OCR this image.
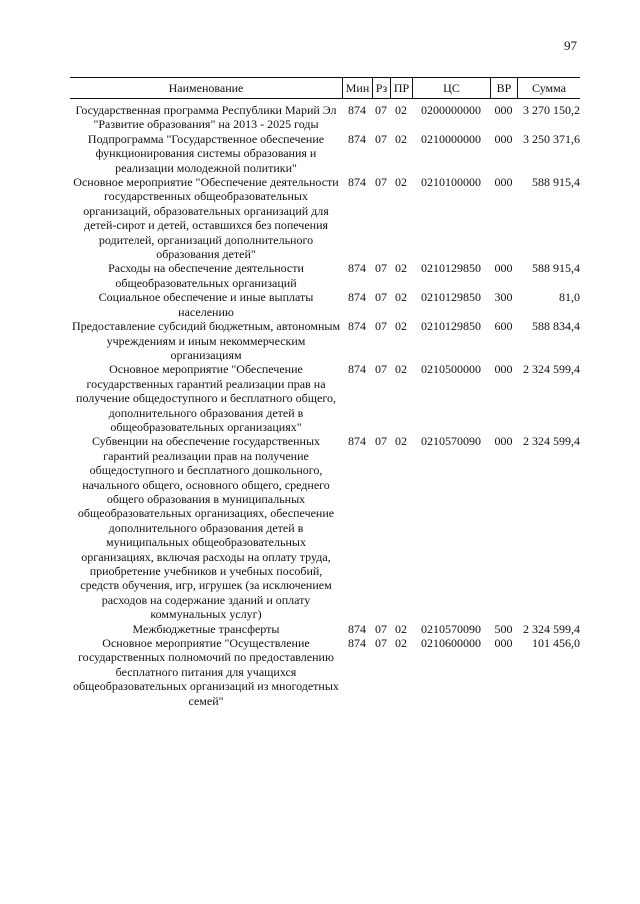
97
Наименование	Мин Рз ПР	ЦС	ВР	Сумма
Государственная программа Республики Марий Эл "Развитие образования" на 2013 - 2025 годы
874 07 02	0200000000	000 3 270 150,2
Подпрограмма "Государственное обеспечение функционирования системы образования и реализации молодежной политики"
874 07 02	0210000000	000 3 250 371,6
Основное мероприятие "Обеспечение деятельности государственных общеобразовательных организаций, образовательных организаций для детей-сирот и детей, оставшихся без попечения родителей, организаций дополнительного образования детей"
874 07 02	0210100000	000	588 915,4
Расходы на обеспечение деятельности общеобразовательных организаций
874 07 02	0210129850	000	588 915,4
Социальное обеспечение и иные выплаты населению
874 07 02	0210129850	300	81,0
Предоставление субсидий бюджетным, автономным учреждениям и иным некоммерческим организациям
874 07 02	0210129850	600	588 834,4
Основное мероприятие "Обеспечение государственных гарантий реализации прав на получение общедоступного и бесплатного общего, дополнительного образования детей в общеобразовательных организациях"
874 07 02	0210500000	000 2 324 599,4
Субвенции на обеспечение государственных гарантий реализации прав на получение общедоступного и бесплатного дошкольного, начального общего, основного общего, среднего общего образования в муниципальных общеобразовательных организациях, обеспечение дополнительного образования детей в муниципальных общеобразовательных организациях, включая расходы на оплату труда, приобретение учебников и учебных пособий, средств обучения, игр, игрушек (за исключением расходов на содержание зданий и оплату коммунальных услуг)
874 07 02	0210570090	000 2 324 599,4
Межбюджетные трансферты	874 07 02	0210570090	500 2 324 599,4
Основное мероприятие "Осуществление государственных полномочий по предоставлению бесплатного питания для учащихся общеобразовательных организаций из многодетных семей"
874 07 02	0210600000	000	101 456,0
